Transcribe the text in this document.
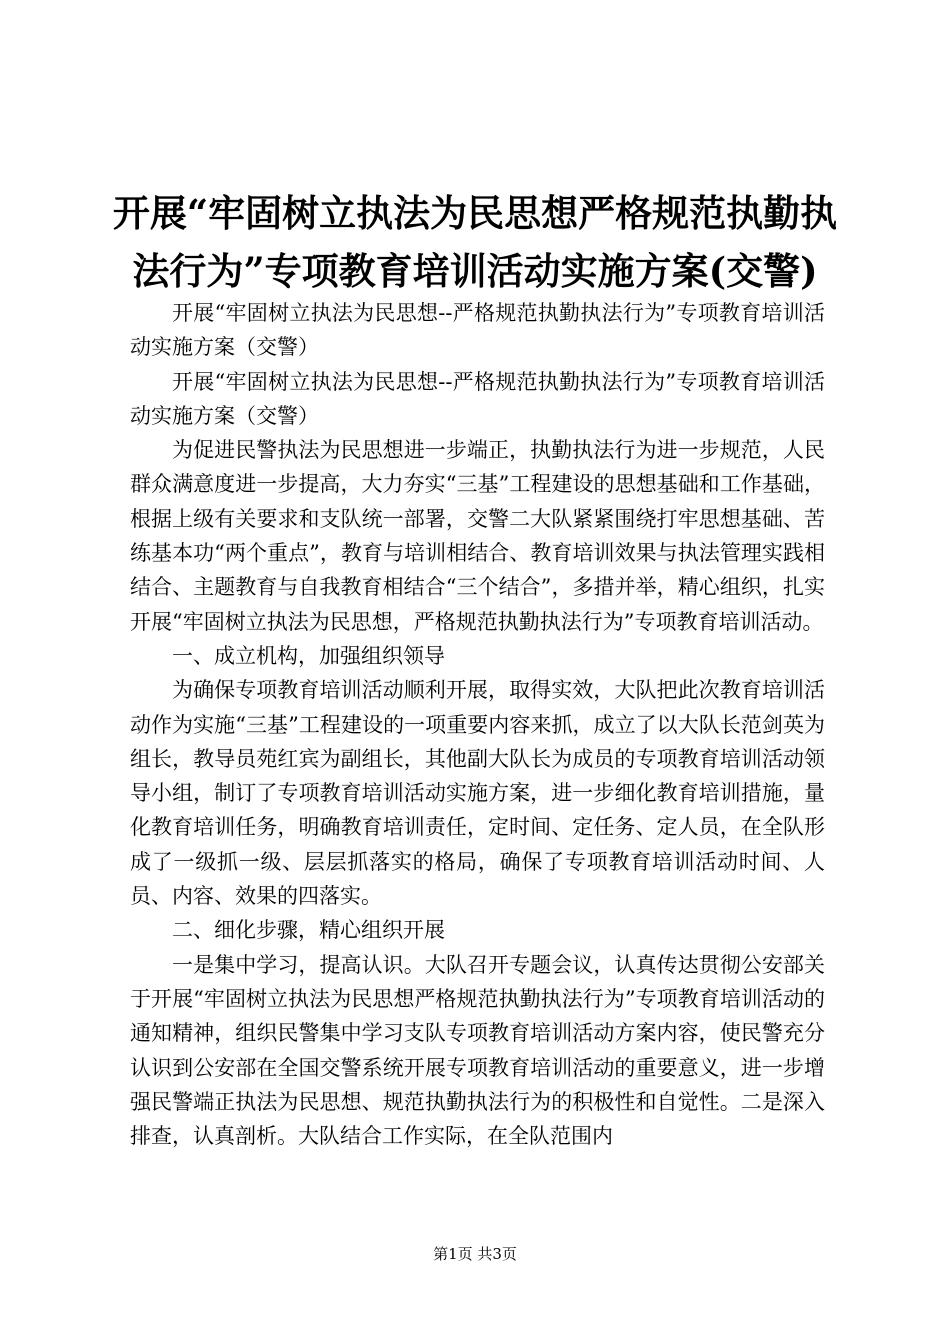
开展“牢固树立执法为民思想严格规范执勤执
法行为”专项教育培训活动实施方案(交警)

开展“牢固树立执法为民思想--严格规范执勤执法行为”专项教育培训活动实施方案（交警）

开展“牢固树立执法为民思想--严格规范执勤执法行为”专项教育培训活动实施方案（交警）

为促进民警执法为民思想进一步端正，执勤执法行为进一步规范，人民群众满意度进一步提高，大力夯实“三基”工程建设的思想基础和工作基础，根据上级有关要求和支队统一部署，交警二大队紧紧围绕打牢思想基础、苦练基本功“两个重点”，教育与培训相结合、教育培训效果与执法管理实践相结合、主题教育与自我教育相结合“三个结合”，多措并举，精心组织，扎实开展“牢固树立执法为民思想，严格规范执勤执法行为”专项教育培训活动。

一、成立机构，加强组织领导

为确保专项教育培训活动顺利开展，取得实效，大队把此次教育培训活动作为实施“三基”工程建设的一项重要内容来抓，成立了以大队长范剑英为组长，教导员苑红宾为副组长，其他副大队长为成员的专项教育培训活动领导小组，制订了专项教育培训活动实施方案，进一步细化教育培训措施，量化教育培训任务，明确教育培训责任，定时间、定任务、定人员，在全队形成了一级抓一级、层层抓落实的格局，确保了专项教育培训活动时间、人员、内容、效果的四落实。

二、细化步骤，精心组织开展

一是集中学习，提高认识。大队召开专题会议，认真传达贯彻公安部关于开展“牢固树立执法为民思想严格规范执勤执法行为”专项教育培训活动的通知精神，组织民警集中学习支队专项教育培训活动方案内容，使民警充分认识到公安部在全国交警系统开展专项教育培训活动的重要意义，进一步增强民警端正执法为民思想、规范执勤执法行为的积极性和自觉性。二是深入排查，认真剖析。大队结合工作实际，在全队范围内

第1页 共3页
